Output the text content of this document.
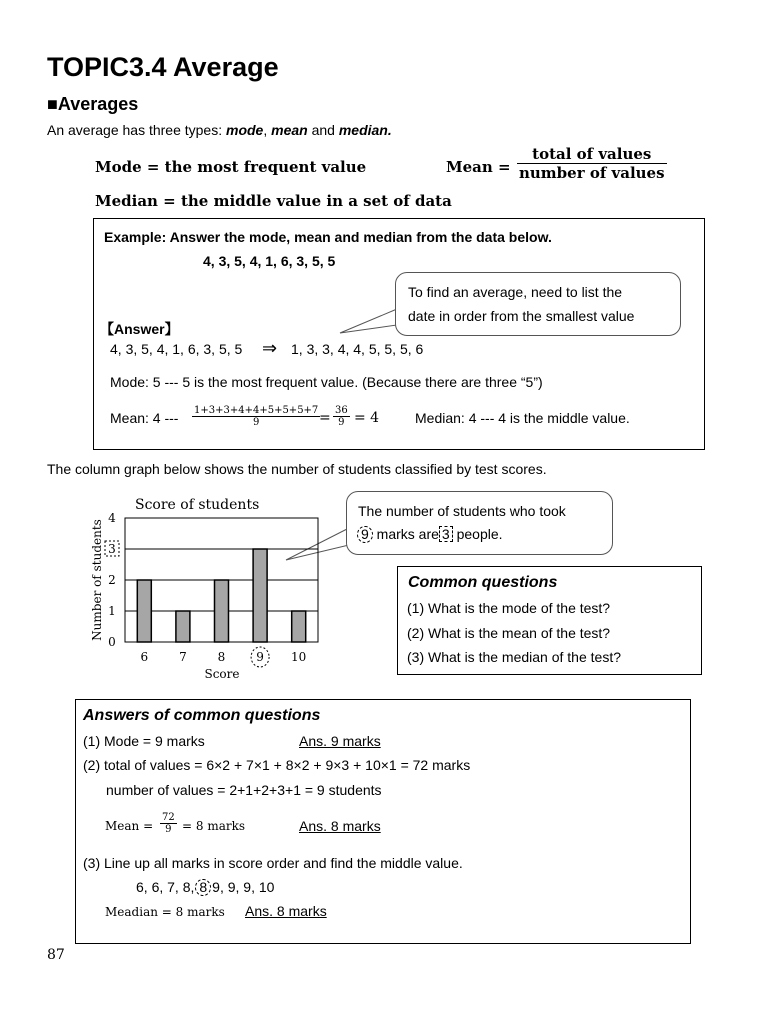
TOPIC3.4 Average
■Averages
An average has three types: mode, mean and median.
Mode = the most frequent value	Mean =
total of values
number of values
Median = the middle value in a set of data
Example: Answer the mode, mean and median from the data below.
4, 3, 5, 4, 1, 6, 3, 5, 5
【Answer】
4, 3, 5, 4, 1, 6, 3, 5, 5 ⇒ 1, 3, 3, 4, 4, 5, 5, 5, 6
Mode: 5 --- 5 is the most frequent value. (Because there are three “5”)
Mean: 4 --- $\frac{1+3+3+4+4+5+5+5+7}{9}$
= $\frac{36}{9} = 4$	Median: 4 --- 4 is the middle value.
To find an average, need to list the
date in order from the smallest value
The column graph below shows the number of students classified by test scores.
Score of students
Score
Number of students
0
1
2
3
4
6	7	8	9 10
The number of students who took
9 marks are 3 people.
Common questions
(1) What is the mode of the test?
(2) What is the mean of the test?
(3) What is the median of the test?
Answers of common questions
(1) Mode = 9 marks	Ans. 9 marks
(2) total of values = 6×2 + 7×1 + 8×2 + 9×3 + 10×1 = 72 marks
number of values = 2+1+2+3+1 = 9 students
Mean = $\frac{72}{9} = 8$ marks	Ans. 8 marks
(3) Line up all marks in score order and find the middle value.
6, 6, 7, 8, 8 9, 9, 9, 10
Meadian = 8 marks Ans. 8 marks
87
